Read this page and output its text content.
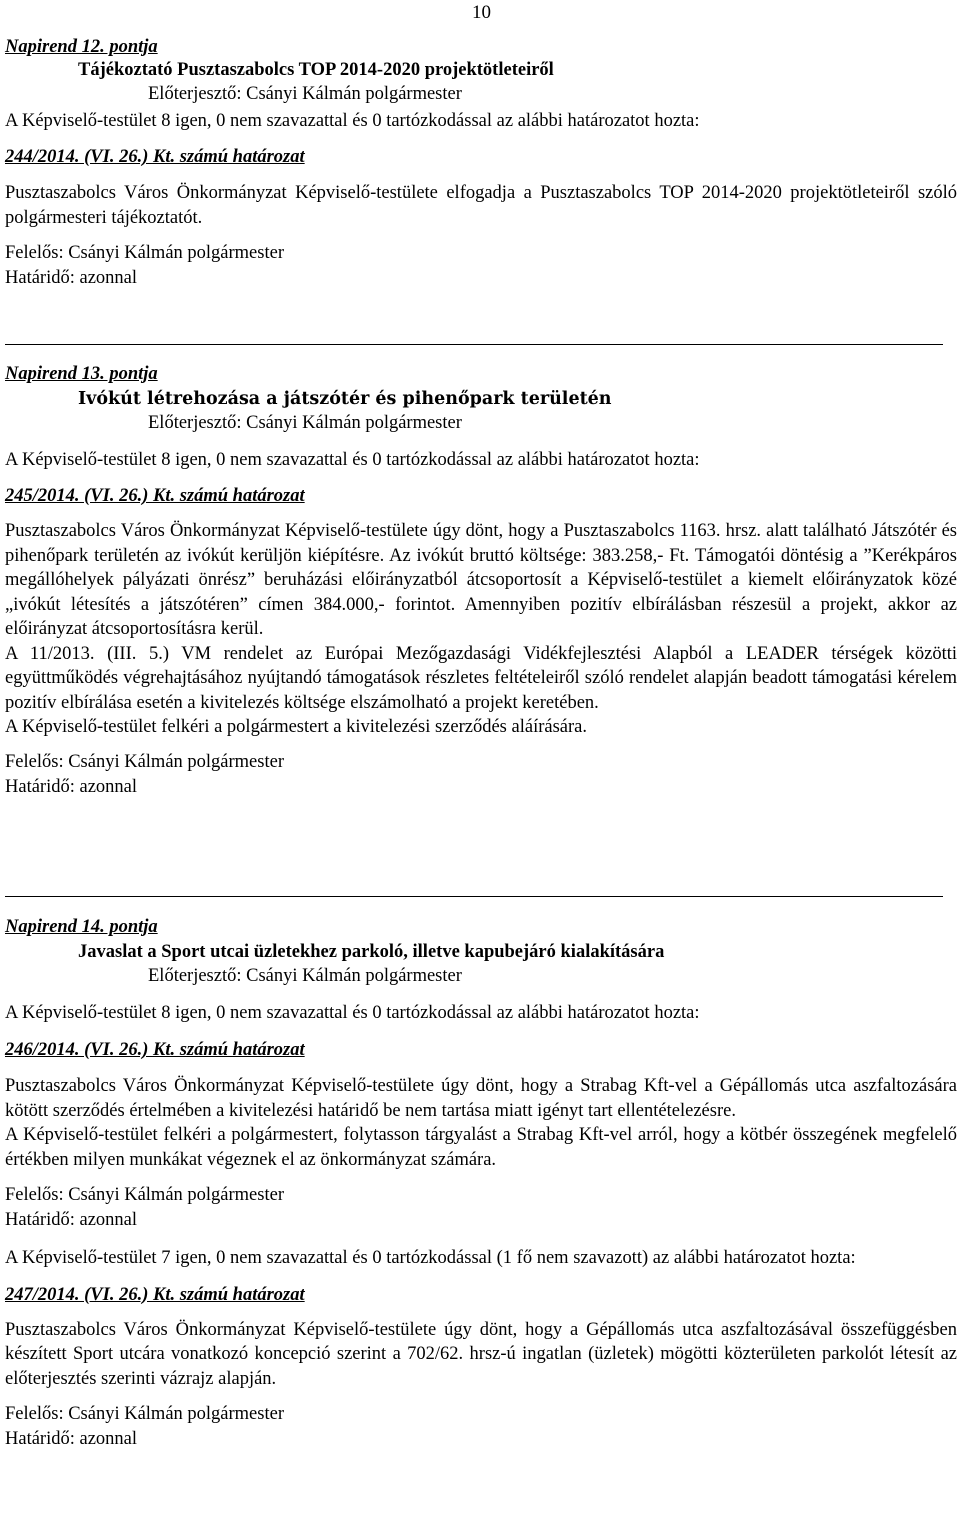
10

Napirend 12. pontja

Tájékoztató Pusztaszabolcs TOP 2014-2020 projektötleteiről

Előterjesztő: Csányi Kálmán polgármester

A Képviselő-testület 8 igen, 0 nem szavazattal és 0 tartózkodással az alábbi határozatot hozta:

244/2014. (VI. 26.) Kt. számú határozat

Pusztaszabolcs Város Önkormányzat Képviselő-testülete elfogadja a Pusztaszabolcs TOP 2014-2020 projektötleteiről szóló polgármesteri tájékoztatót.

Felelős: Csányi Kálmán polgármester

Határidő: azonnal

Napirend 13. pontja

Ivókút létrehozása a játszótér és pihenőpark területén

Előterjesztő: Csányi Kálmán polgármester

A Képviselő-testület 8 igen, 0 nem szavazattal és 0 tartózkodással az alábbi határozatot hozta:

245/2014. (VI. 26.) Kt. számú határozat

Pusztaszabolcs Város Önkormányzat Képviselő-testülete úgy dönt, hogy a Pusztaszabolcs 1163. hrsz. alatt található Játszótér és pihenőpark területén az ivókút kerüljön kiépítésre. Az ivókút bruttó költsége: 383.258,- Ft. Támogatói döntésig a ”Kerékpáros megállóhelyek pályázati önrész” beruházási előirányzatból átcsoportosít a Képviselő-testület a kiemelt előirányzatok közé „ivókút létesítés a játszótéren” címen 384.000,- forintot. Amennyiben pozitív elbírálásban részesül a projekt, akkor az előirányzat átcsoportosításra kerül.

A 11/2013. (III. 5.) VM rendelet az Európai Mezőgazdasági Vidékfejlesztési Alapból a LEADER térségek közötti együttműködés végrehajtásához nyújtandó támogatások részletes feltételeiről szóló rendelet alapján beadott támogatási kérelem pozitív elbírálása esetén a kivitelezés költsége elszámolható a projekt keretében.

A Képviselő-testület felkéri a polgármestert a kivitelezési szerződés aláírására.

Felelős: Csányi Kálmán polgármester

Határidő: azonnal

Napirend 14. pontja

Javaslat a Sport utcai üzletekhez parkoló, illetve kapubejáró kialakítására

Előterjesztő: Csányi Kálmán polgármester

A Képviselő-testület 8 igen, 0 nem szavazattal és 0 tartózkodással az alábbi határozatot hozta:

246/2014. (VI. 26.) Kt. számú határozat

Pusztaszabolcs Város Önkormányzat Képviselő-testülete úgy dönt, hogy a Strabag Kft-vel a Gépállomás utca aszfaltozására kötött szerződés értelmében a kivitelezési határidő be nem tartása miatt igényt tart ellentételezésre.

A Képviselő-testület felkéri a polgármestert, folytasson tárgyalást a Strabag Kft-vel arról, hogy a kötbér összegének megfelelő értékben milyen munkákat végeznek el az önkormányzat számára.

Felelős: Csányi Kálmán polgármester

Határidő: azonnal

A Képviselő-testület 7 igen, 0 nem szavazattal és 0 tartózkodással (1 fő nem szavazott) az alábbi határozatot hozta:

247/2014. (VI. 26.) Kt. számú határozat

Pusztaszabolcs Város Önkormányzat Képviselő-testülete úgy dönt, hogy a Gépállomás utca aszfaltozásával összefüggésben készített Sport utcára vonatkozó koncepció szerint a 702/62. hrsz-ú ingatlan (üzletek) mögötti közterületen parkolót létesít az előterjesztés szerinti vázrajz alapján.

Felelős: Csányi Kálmán polgármester

Határidő: azonnal
